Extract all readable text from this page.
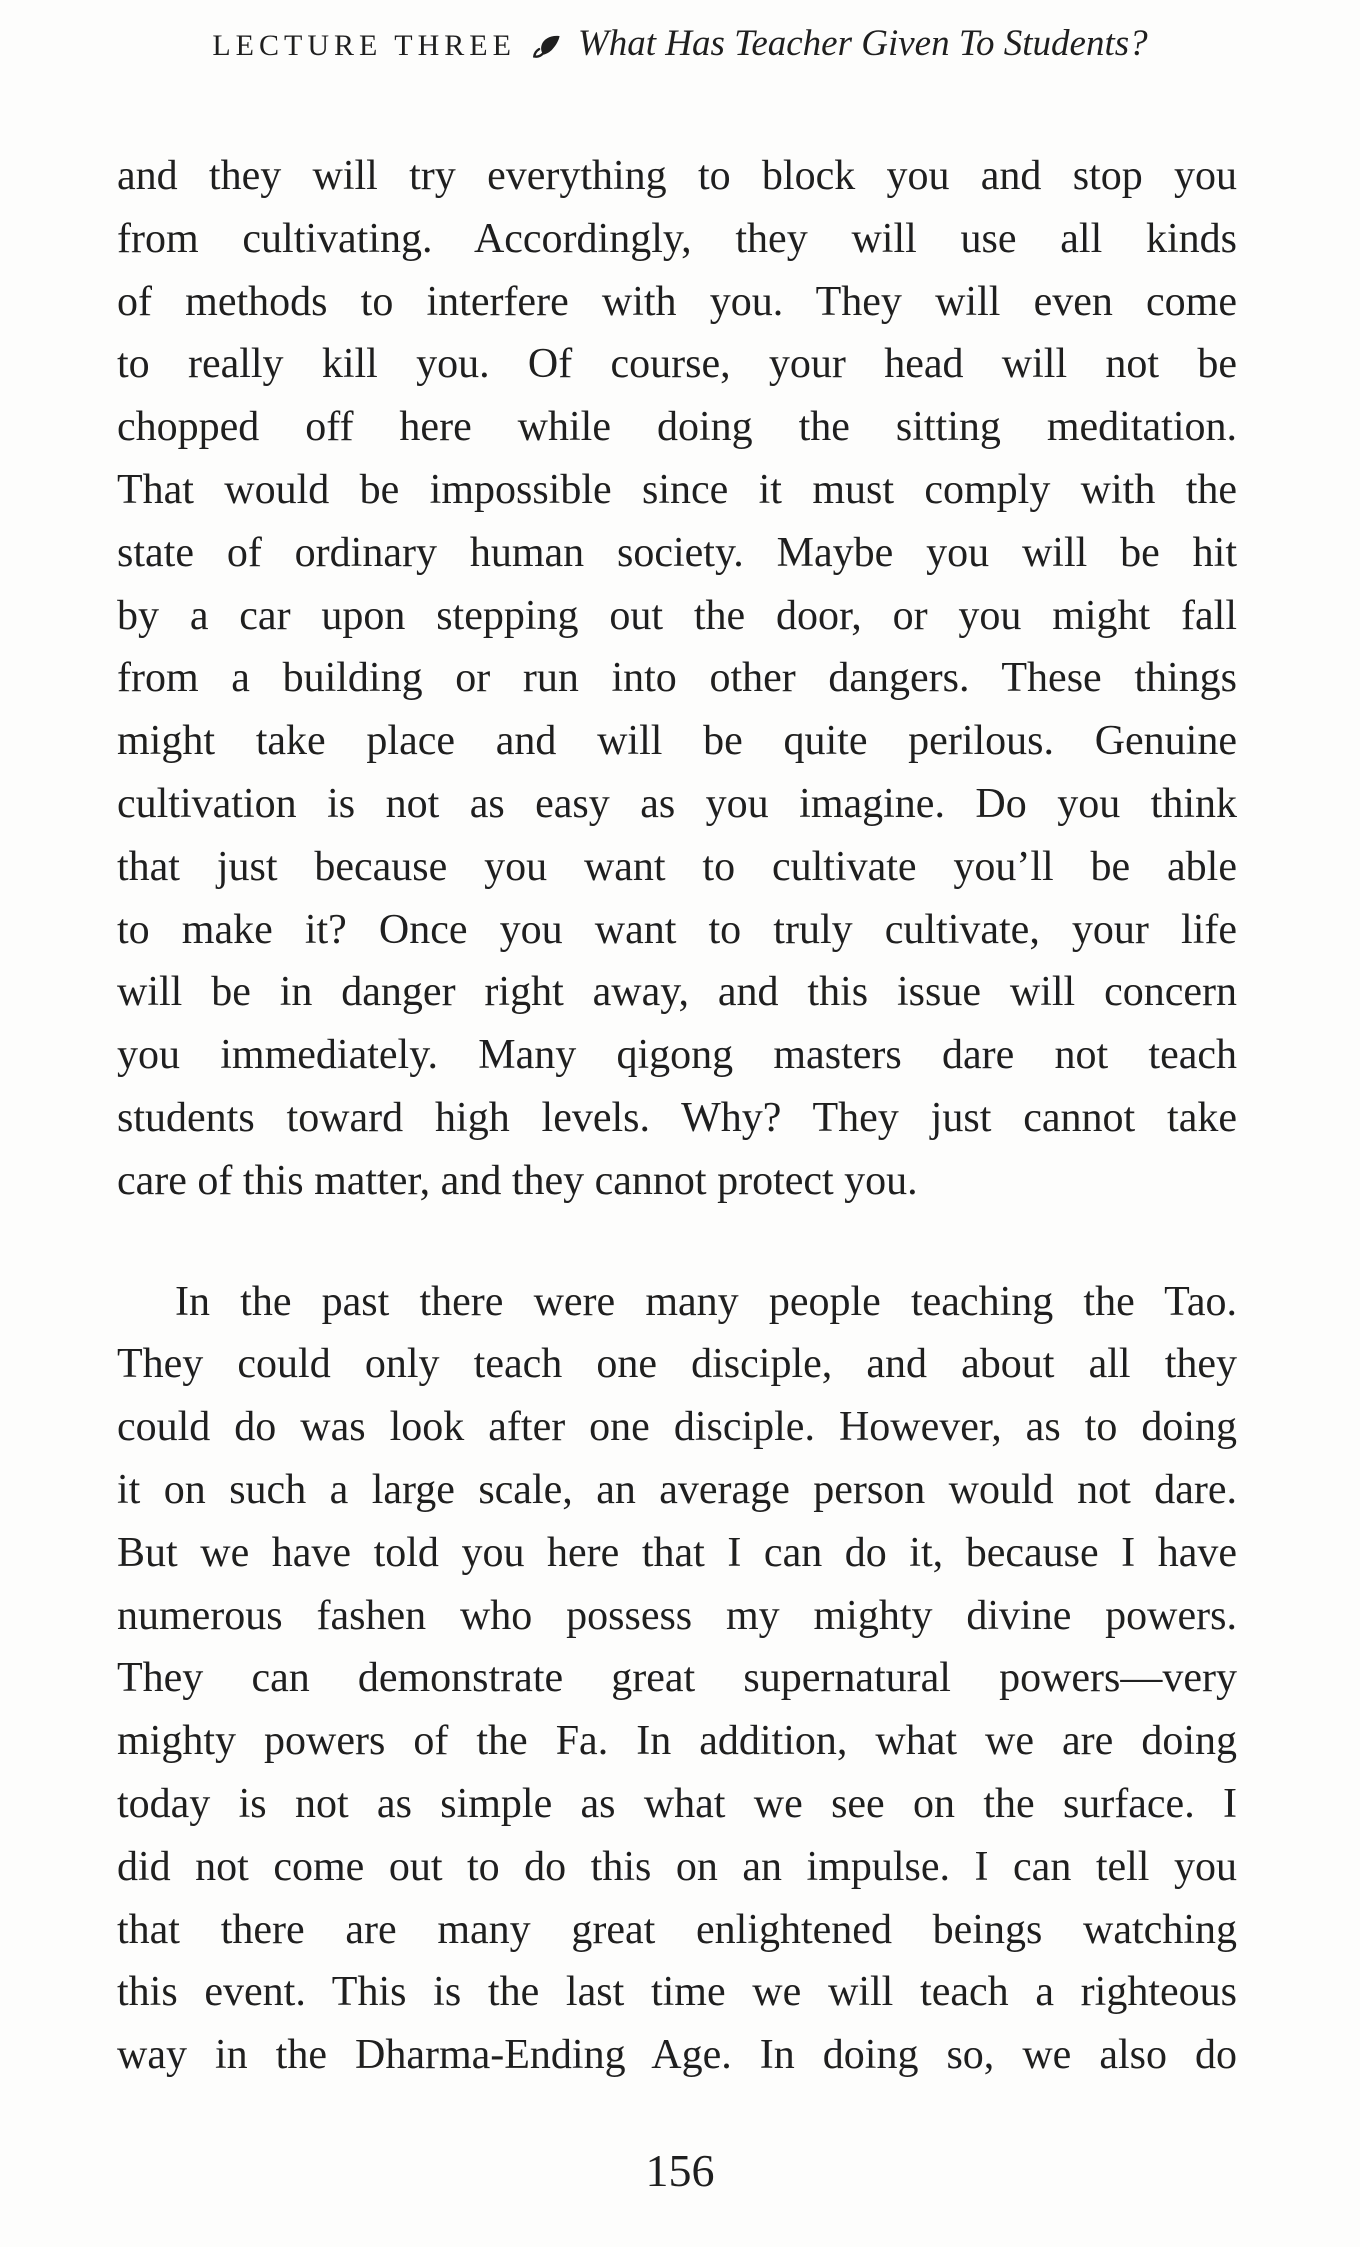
LECTURE THREE What Has Teacher Given To Students?
and they will try everything to block you and stop you
from cultivating. Accordingly, they will use all kinds
of methods to interfere with you. They will even come
to really kill you. Of course, your head will not be
chopped off here while doing the sitting meditation.
That would be impossible since it must comply with the
state of ordinary human society. Maybe you will be hit
by a car upon stepping out the door, or you might fall
from a building or run into other dangers. These things
might take place and will be quite perilous. Genuine
cultivation is not as easy as you imagine. Do you think
that just because you want to cultivate you’ll be able
to make it? Once you want to truly cultivate, your life
will be in danger right away, and this issue will concern
you immediately. Many qigong masters dare not teach
students toward high levels. Why? They just cannot take
care of this matter, and they cannot protect you.
In the past there were many people teaching the Tao.
They could only teach one disciple, and about all they
could do was look after one disciple. However, as to doing
it on such a large scale, an average person would not dare.
But we have told you here that I can do it, because I have
numerous fashen who possess my mighty divine powers.
They can demonstrate great supernatural powers—very
mighty powers of the Fa. In addition, what we are doing
today is not as simple as what we see on the surface. I
did not come out to do this on an impulse. I can tell you
that there are many great enlightened beings watching
this event. This is the last time we will teach a righteous
way in the Dharma-Ending Age. In doing so, we also do
156
